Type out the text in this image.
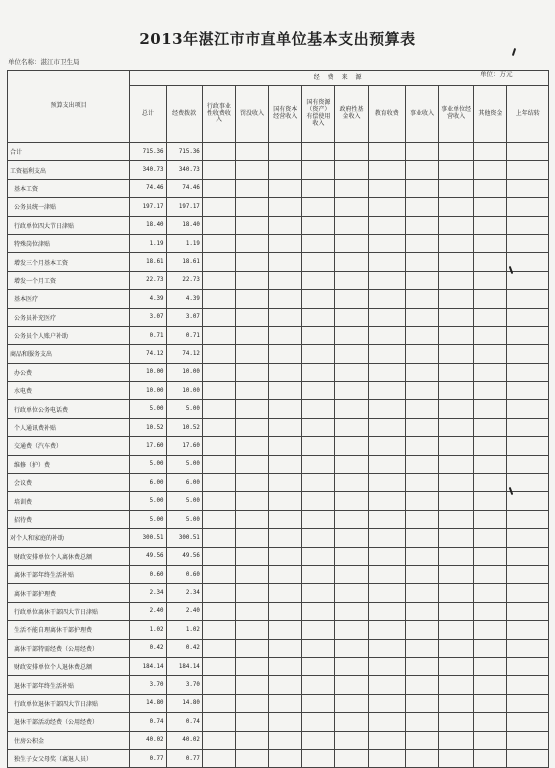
2013年湛江市市直单位基本支出预算表
单位名称：湛江市卫生局
单位：万元
预算支出项目	经 费 来 源											
	总计	经费拨款	行政事业性收费收入	罚没收入	国有资本经营收入	国有资源（资产）有偿使用收入	政府性基金收入	教育收费	事业收入	事业单位经营收入	其他资金	上年结转
合计	715.36	715.36										
工资福利支出	340.73	340.73										
基本工资	74.46	74.46										
公务员统一津贴	197.17	197.17										
行政单位四大节日津贴	18.40	18.40										
特殊岗位津贴	1.19	1.19										
增发三个月基本工资	18.61	18.61										
增发一个月工资	22.73	22.73										
基本医疗	4.39	4.39										
公务员补充医疗	3.07	3.07										
公务员个人账户补助	0.71	0.71										
商品和服务支出	74.12	74.12										
办公费	10.00	10.00										
水电费	10.00	10.00										
行政单位公务电话费	5.00	5.00										
个人通讯费补贴	10.52	10.52										
交通费（汽车费）	17.60	17.60										
维修（护）费	5.00	5.00										
会议费	6.00	6.00										
培训费	5.00	5.00										
招待费	5.00	5.00										
对个人和家庭的补助	300.51	300.51										
财政安排单位个人离休费总额	49.56	49.56										
离休干部年终生活补贴	0.60	0.60										
离休干部护理费	2.34	2.34										
行政单位离休干部四大节日津贴	2.40	2.40										
生活不能自理离休干部护理费	1.02	1.02										
离休干部特需经费（公用经费）	0.42	0.42										
财政安排单位个人退休费总额	184.14	184.14										
退休干部年终生活补贴	3.70	3.70										
行政单位退休干部四大节日津贴	14.80	14.80										
退休干部活动经费（公用经费）	0.74	0.74										
住房公积金	40.02	40.02										
独生子女父母奖（离退人员）	0.77	0.77										
